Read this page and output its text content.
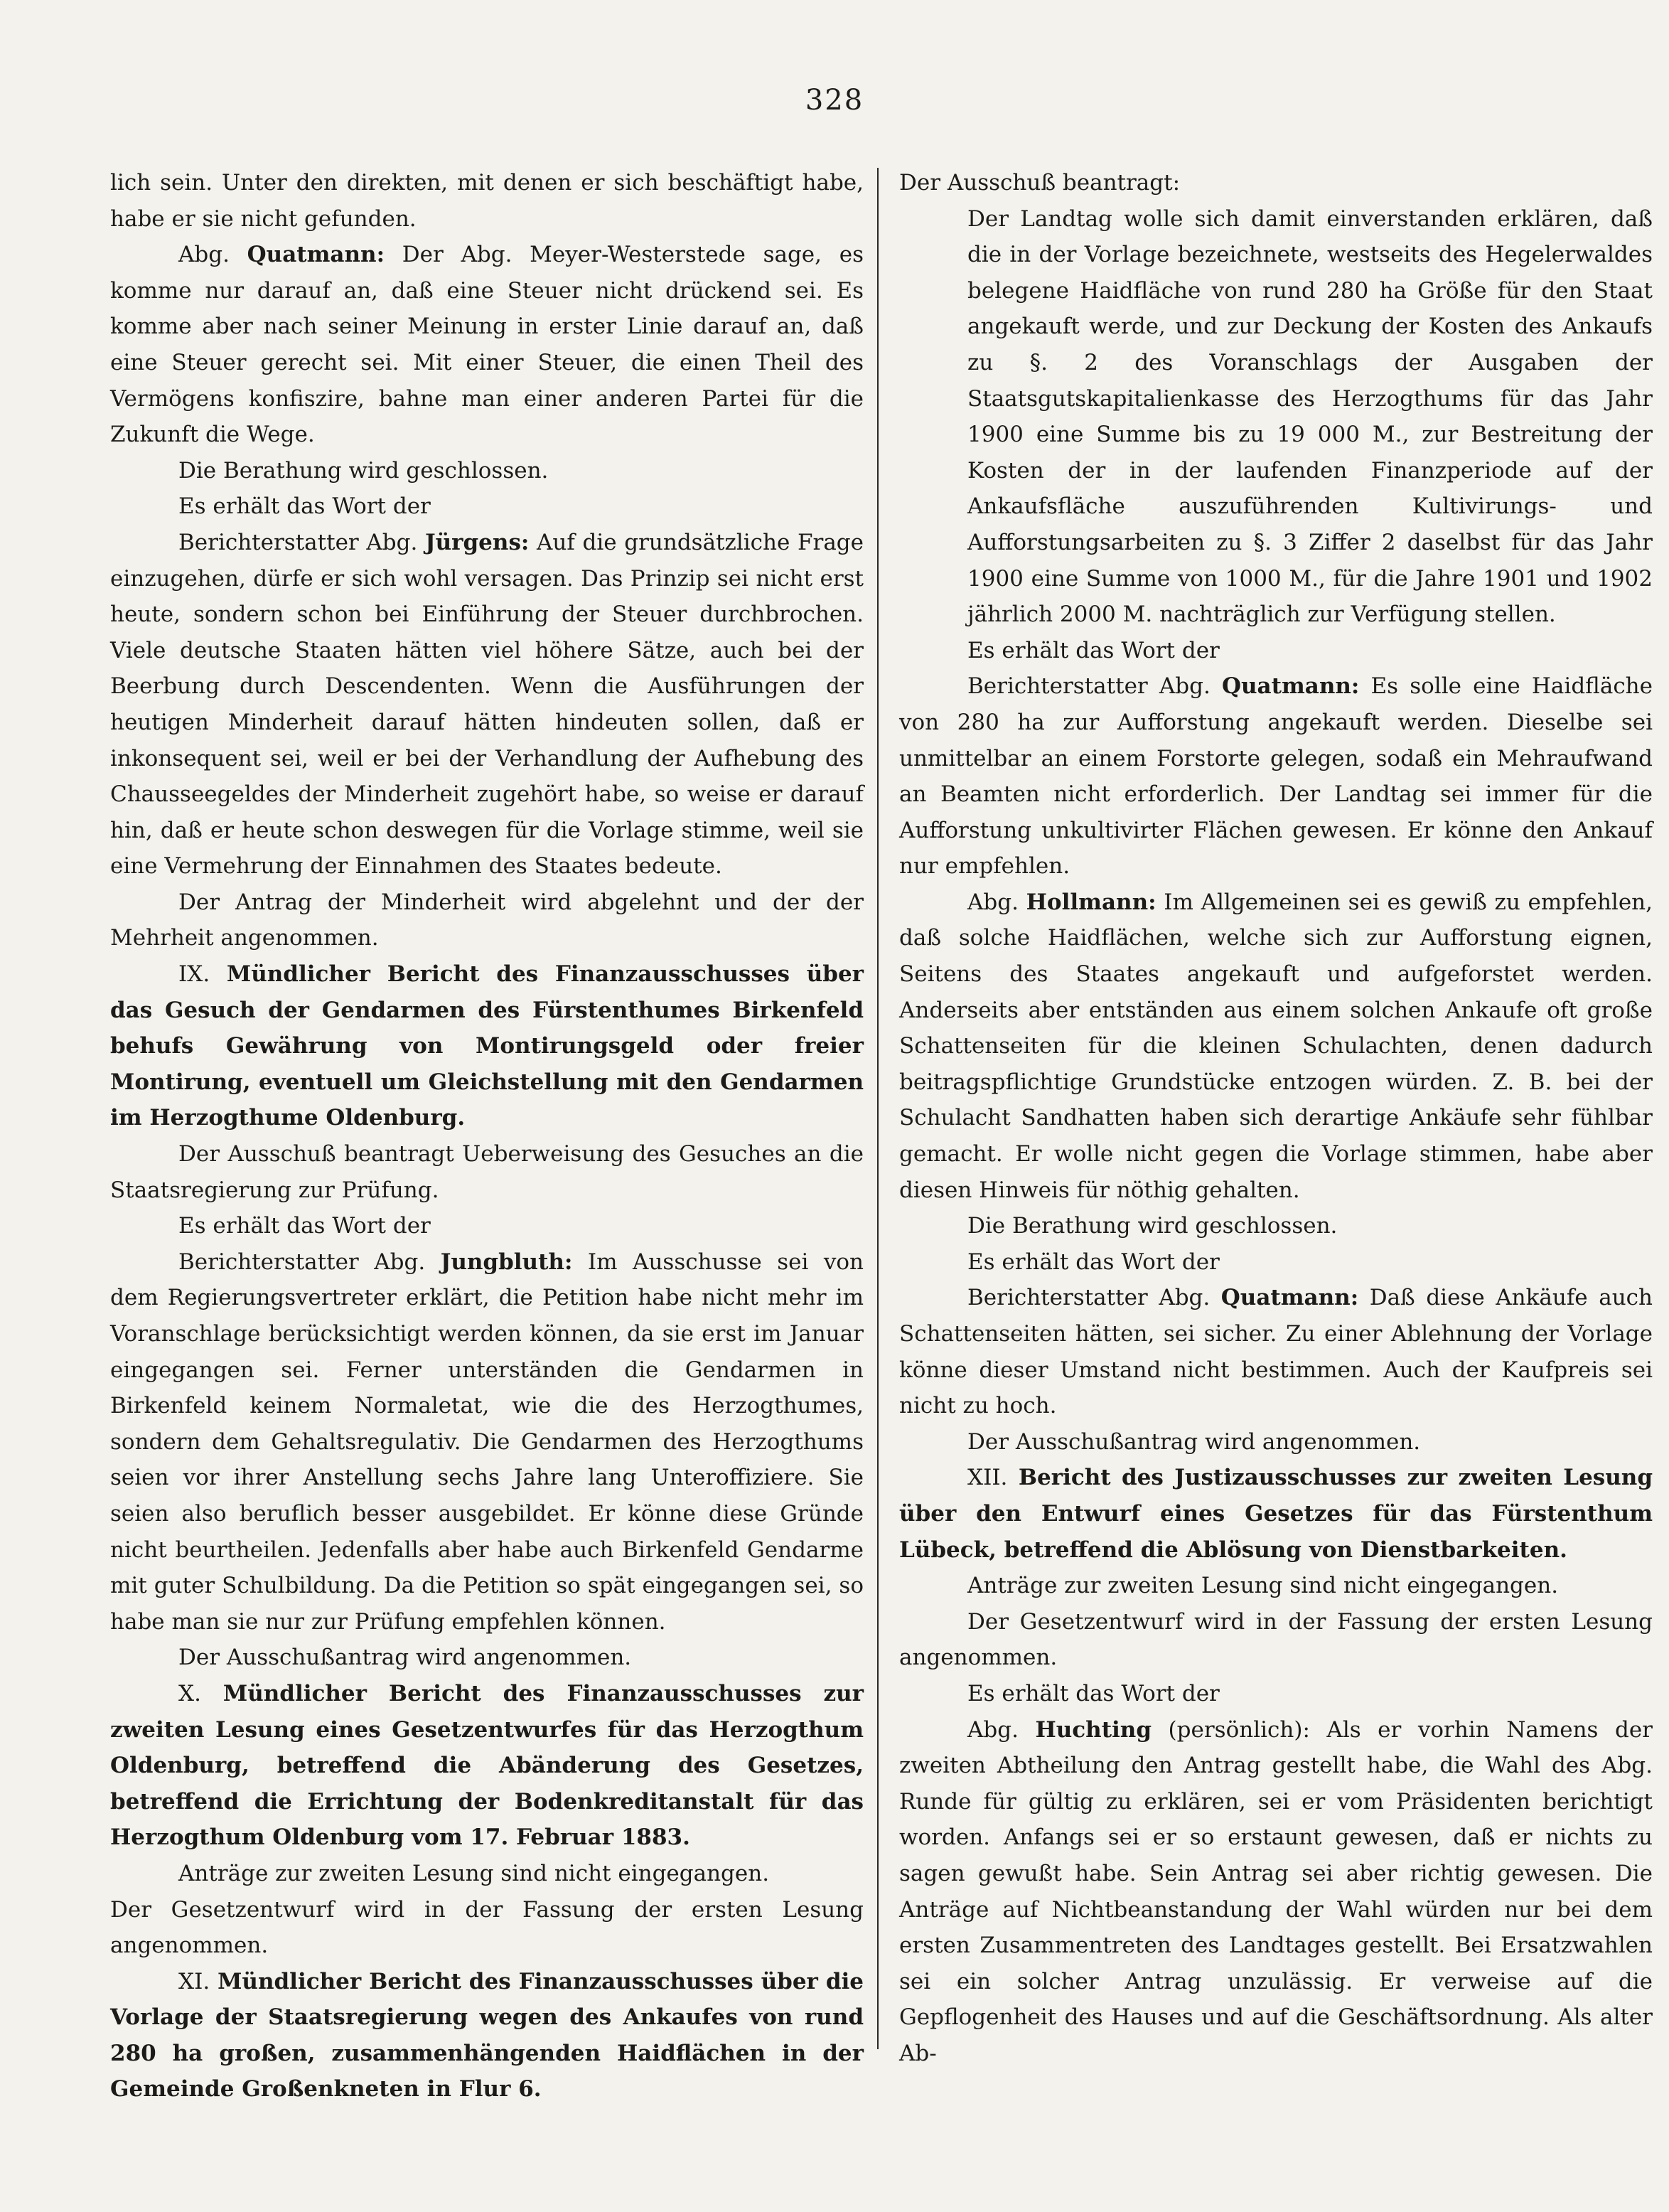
328

lich sein. Unter den direkten, mit denen er sich beschäftigt habe, habe er sie nicht gefunden.

Abg. Quatmann: Der Abg. Meyer-Westerstede sage, es komme nur darauf an, daß eine Steuer nicht drückend sei. Es komme aber nach seiner Meinung in erster Linie darauf an, daß eine Steuer gerecht sei. Mit einer Steuer, die einen Theil des Vermögens konfiszire, bahne man einer anderen Partei für die Zukunft die Wege.

Die Berathung wird geschlossen.

Es erhält das Wort der

Berichterstatter Abg. Jürgens: Auf die grundsätzliche Frage einzugehen, dürfe er sich wohl versagen. Das Prinzip sei nicht erst heute, sondern schon bei Einführung der Steuer durchbrochen. Viele deutsche Staaten hätten viel höhere Sätze, auch bei der Beerbung durch Descendenten. Wenn die Ausführungen der heutigen Minderheit darauf hätten hindeuten sollen, daß er inkonsequent sei, weil er bei der Verhandlung der Aufhebung des Chausseegeldes der Minderheit zugehört habe, so weise er darauf hin, daß er heute schon deswegen für die Vorlage stimme, weil sie eine Vermehrung der Einnahmen des Staates bedeute.

Der Antrag der Minderheit wird abgelehnt und der der Mehrheit angenommen.

IX. Mündlicher Bericht des Finanzausschusses über das Gesuch der Gendarmen des Fürstenthumes Birkenfeld behufs Gewährung von Montirungsgeld oder freier Montirung, eventuell um Gleichstellung mit den Gendarmen im Herzogthume Oldenburg.

Der Ausschuß beantragt Ueberweisung des Gesuches an die Staatsregierung zur Prüfung.

Es erhält das Wort der

Berichterstatter Abg. Jungbluth: Im Ausschusse sei von dem Regierungsvertreter erklärt, die Petition habe nicht mehr im Voranschlage berücksichtigt werden können, da sie erst im Januar eingegangen sei. Ferner unterständen die Gendarmen in Birkenfeld keinem Normaletat, wie die des Herzogthumes, sondern dem Gehaltsregulativ. Die Gendarmen des Herzogthums seien vor ihrer Anstellung sechs Jahre lang Unteroffiziere. Sie seien also beruflich besser ausgebildet. Er könne diese Gründe nicht beurtheilen. Jedenfalls aber habe auch Birkenfeld Gendarme mit guter Schulbildung. Da die Petition so spät eingegangen sei, so habe man sie nur zur Prüfung empfehlen können.

Der Ausschußantrag wird angenommen.

X. Mündlicher Bericht des Finanzausschusses zur zweiten Lesung eines Gesetzentwurfes für das Herzogthum Oldenburg, betreffend die Abänderung des Gesetzes, betreffend die Errichtung der Bodenkreditanstalt für das Herzogthum Oldenburg vom 17. Februar 1883.

Anträge zur zweiten Lesung sind nicht eingegangen.

Der Gesetzentwurf wird in der Fassung der ersten Lesung angenommen.

XI. Mündlicher Bericht des Finanzausschusses über die Vorlage der Staatsregierung wegen des Ankaufes von rund 280 ha großen, zusammenhängenden Haidflächen in der Gemeinde Großenkneten in Flur 6.

Der Ausschuß beantragt:

Der Landtag wolle sich damit einverstanden erklären, daß die in der Vorlage bezeichnete, westseits des Hegelerwaldes belegene Haidfläche von rund 280 ha Größe für den Staat angekauft werde, und zur Deckung der Kosten des Ankaufs zu §. 2 des Voranschlags der Ausgaben der Staatsgutskapitalienkasse des Herzogthums für das Jahr 1900 eine Summe bis zu 19 000 M., zur Bestreitung der Kosten der in der laufenden Finanzperiode auf der Ankaufsfläche auszuführenden Kultivirungs- und Aufforstungsarbeiten zu §. 3 Ziffer 2 daselbst für das Jahr 1900 eine Summe von 1000 M., für die Jahre 1901 und 1902 jährlich 2000 M. nachträglich zur Verfügung stellen.

Es erhält das Wort der

Berichterstatter Abg. Quatmann: Es solle eine Haidfläche von 280 ha zur Aufforstung angekauft werden. Dieselbe sei unmittelbar an einem Forstorte gelegen, sodaß ein Mehraufwand an Beamten nicht erforderlich. Der Landtag sei immer für die Aufforstung unkultivirter Flächen gewesen. Er könne den Ankauf nur empfehlen.

Abg. Hollmann: Im Allgemeinen sei es gewiß zu empfehlen, daß solche Haidflächen, welche sich zur Aufforstung eignen, Seitens des Staates angekauft und aufgeforstet werden. Anderseits aber entständen aus einem solchen Ankaufe oft große Schattenseiten für die kleinen Schulachten, denen dadurch beitragspflichtige Grundstücke entzogen würden. Z. B. bei der Schulacht Sandhatten haben sich derartige Ankäufe sehr fühlbar gemacht. Er wolle nicht gegen die Vorlage stimmen, habe aber diesen Hinweis für nöthig gehalten.

Die Berathung wird geschlossen.

Es erhält das Wort der

Berichterstatter Abg. Quatmann: Daß diese Ankäufe auch Schattenseiten hätten, sei sicher. Zu einer Ablehnung der Vorlage könne dieser Umstand nicht bestimmen. Auch der Kaufpreis sei nicht zu hoch.

Der Ausschußantrag wird angenommen.

XII. Bericht des Justizausschusses zur zweiten Lesung über den Entwurf eines Gesetzes für das Fürstenthum Lübeck, betreffend die Ablösung von Dienstbarkeiten.

Anträge zur zweiten Lesung sind nicht eingegangen.

Der Gesetzentwurf wird in der Fassung der ersten Lesung angenommen.

Es erhält das Wort der

Abg. Huchting (persönlich): Als er vorhin Namens der zweiten Abtheilung den Antrag gestellt habe, die Wahl des Abg. Runde für gültig zu erklären, sei er vom Präsidenten berichtigt worden. Anfangs sei er so erstaunt gewesen, daß er nichts zu sagen gewußt habe. Sein Antrag sei aber richtig gewesen. Die Anträge auf Nichtbeanstandung der Wahl würden nur bei dem ersten Zusammentreten des Landtages gestellt. Bei Ersatzwahlen sei ein solcher Antrag unzulässig. Er verweise auf die Gepflogenheit des Hauses und auf die Geschäftsordnung. Als alter Ab-
